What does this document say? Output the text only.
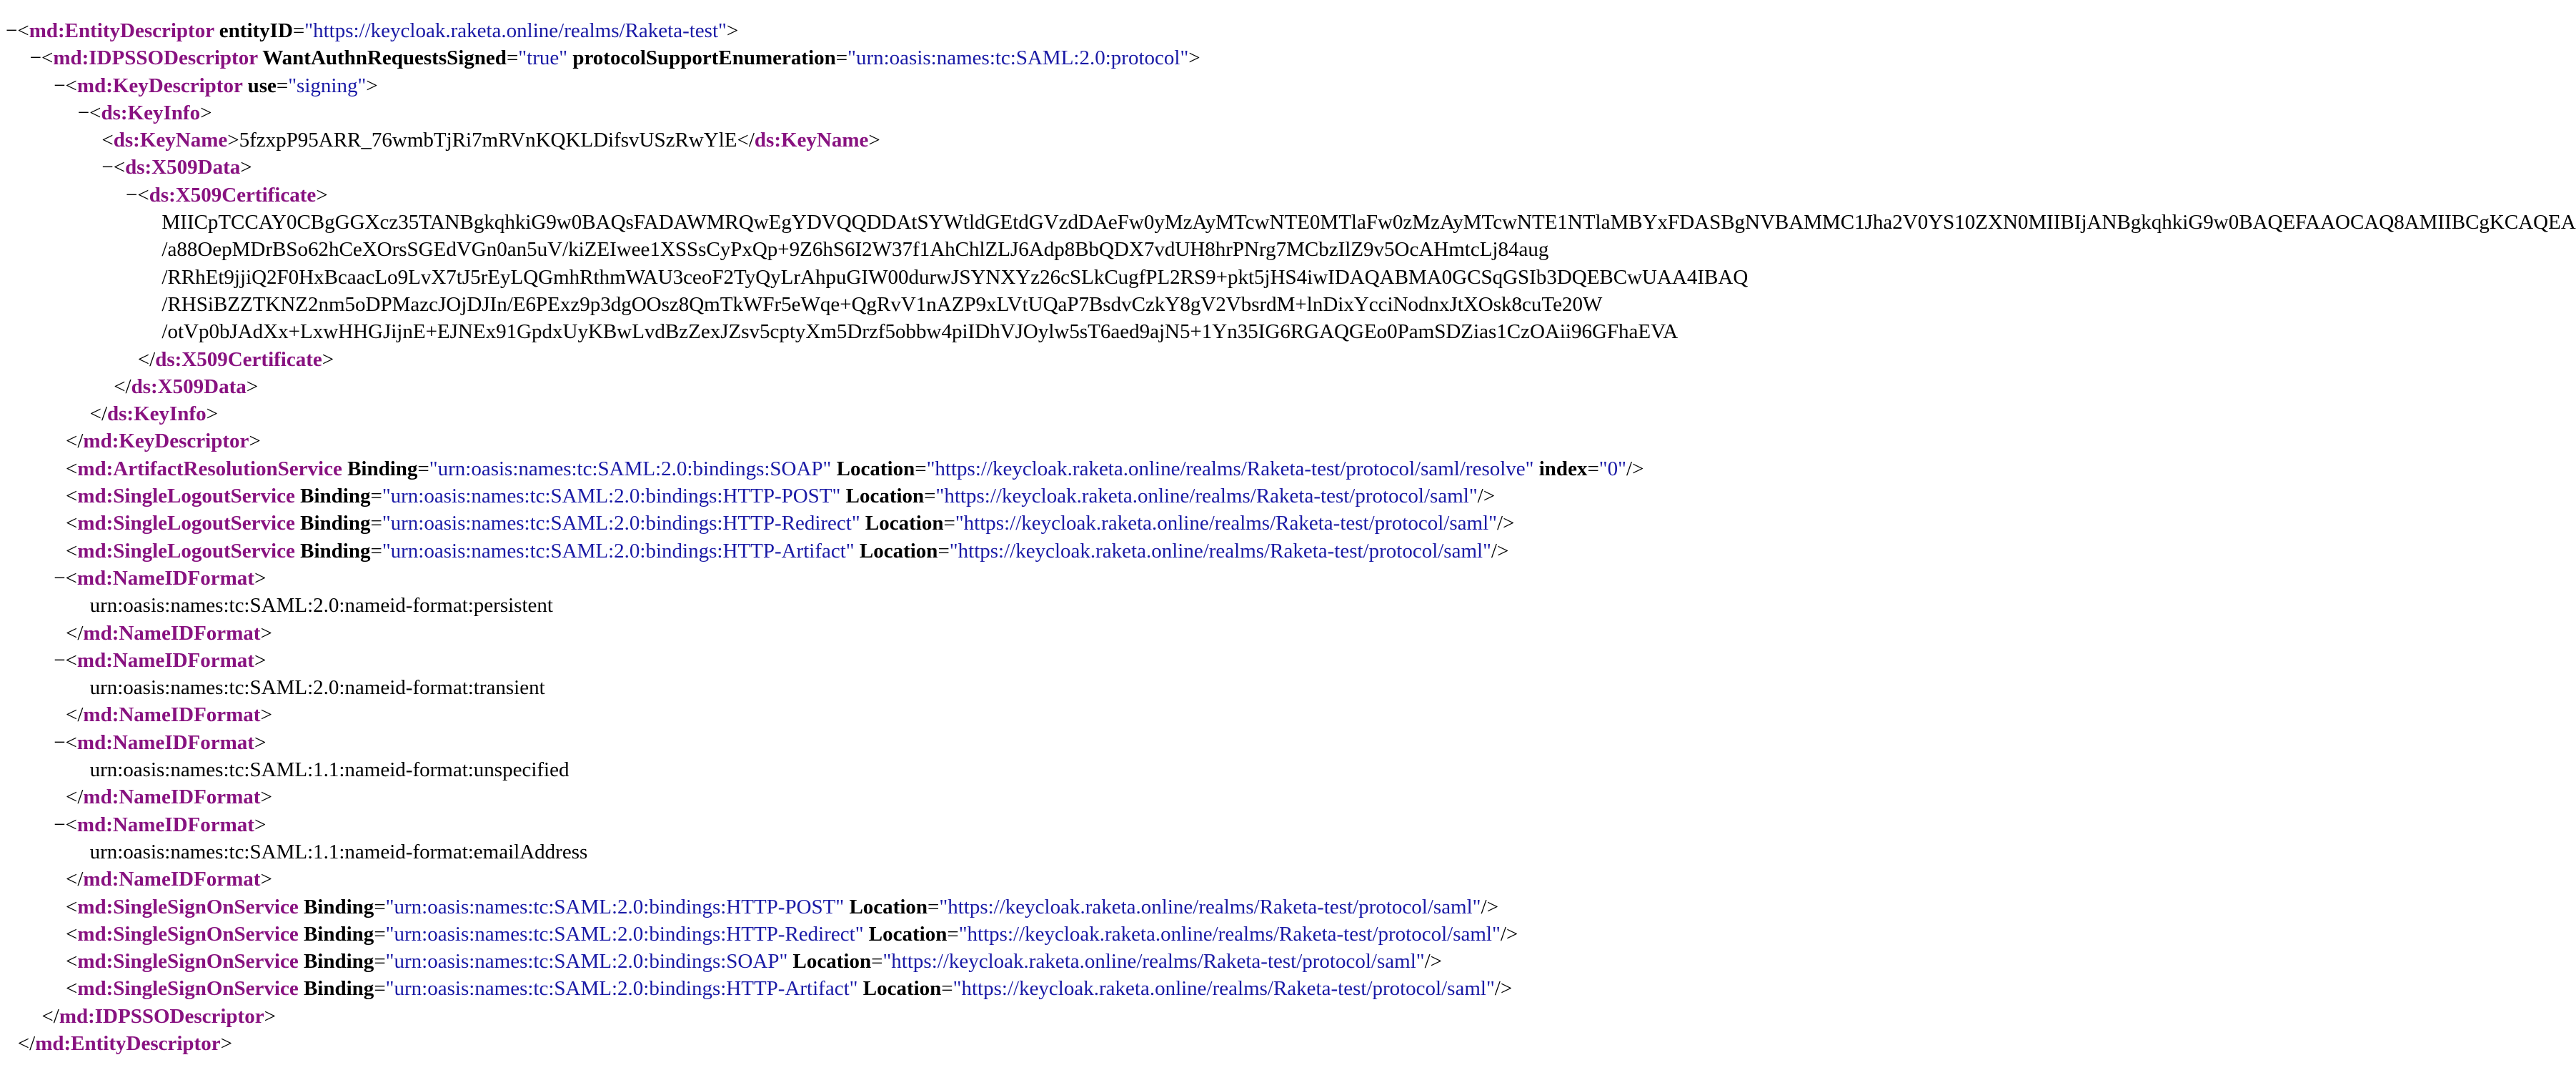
−<md:EntityDescriptor entityID="https://keycloak.raketa.online/realms/Raketa-test">
−<md:IDPSSODescriptor WantAuthnRequestsSigned="true" protocolSupportEnumeration="urn:oasis:names:tc:SAML:2.0:protocol">
−<md:KeyDescriptor use="signing">
−<ds:KeyInfo>
<ds:KeyName>5fzxpP95ARR_76wmbTjRi7mRVnKQKLDifsvUSzRwYlE</ds:KeyName>
−<ds:X509Data>
−<ds:X509Certificate>
MIICpTCCAY0CBgGGXcz35TANBgkqhkiG9w0BAQsFADAWMRQwEgYDVQQDDAtSYWtldGEtdGVzdDAeFw0yMzAyMTcwNTE0MTlaFw0zMzAyMTcwNTE1NTlaMBYxFDASBgNVBAMMC1Jha2V0YS10ZXN0MIIBIjANBgkqhkiG9w0BAQEFAAOCAQ8AMIIBCgKCAQEA
/a88OepMDrBSo62hCeXOrsSGEdVGn0an5uV/kiZEIwee1XSSsCyPxQp+9Z6hS6I2W37f1AhChlZLJ6Adp8BbQDX7vdUH8hrPNrg7MCbzIlZ9v5OcAHmtcLj84aug
/RRhEt9jjiQ2F0HxBcaacLo9LvX7tJ5rEyLQGmhRthmWAU3ceoF2TyQyLrAhpuGIW00durwJSYNXYz26cSLkCugfPL2RS9+pkt5jHS4iwIDAQABMA0GCSqGSIb3DQEBCwUAA4IBAQ
/RHSiBZZTKNZ2nm5oDPMazcJOjDJIn/E6PExz9p3dgOOsz8QmTkWFr5eWqe+QgRvV1nAZP9xLVtUQaP7BsdvCzkY8gV2VbsrdM+lnDixYcciNodnxJtXOsk8cuTe20W
/otVp0bJAdXx+LxwHHGJijnE+EJNEx91GpdxUyKBwLvdBzZexJZsv5cptyXm5Drzf5obbw4piIDhVJOylw5sT6aed9ajN5+1Yn35IG6RGAQGEo0PamSDZias1CzOAii96GFhaEVA
</ds:X509Certificate>
</ds:X509Data>
</ds:KeyInfo>
</md:KeyDescriptor>
<md:ArtifactResolutionService Binding="urn:oasis:names:tc:SAML:2.0:bindings:SOAP" Location="https://keycloak.raketa.online/realms/Raketa-test/protocol/saml/resolve" index="0"/>
<md:SingleLogoutService Binding="urn:oasis:names:tc:SAML:2.0:bindings:HTTP-POST" Location="https://keycloak.raketa.online/realms/Raketa-test/protocol/saml"/>
<md:SingleLogoutService Binding="urn:oasis:names:tc:SAML:2.0:bindings:HTTP-Redirect" Location="https://keycloak.raketa.online/realms/Raketa-test/protocol/saml"/>
<md:SingleLogoutService Binding="urn:oasis:names:tc:SAML:2.0:bindings:HTTP-Artifact" Location="https://keycloak.raketa.online/realms/Raketa-test/protocol/saml"/>
−<md:NameIDFormat>
urn:oasis:names:tc:SAML:2.0:nameid-format:persistent
</md:NameIDFormat>
−<md:NameIDFormat>
urn:oasis:names:tc:SAML:2.0:nameid-format:transient
</md:NameIDFormat>
−<md:NameIDFormat>
urn:oasis:names:tc:SAML:1.1:nameid-format:unspecified
</md:NameIDFormat>
−<md:NameIDFormat>
urn:oasis:names:tc:SAML:1.1:nameid-format:emailAddress
</md:NameIDFormat>
<md:SingleSignOnService Binding="urn:oasis:names:tc:SAML:2.0:bindings:HTTP-POST" Location="https://keycloak.raketa.online/realms/Raketa-test/protocol/saml"/>
<md:SingleSignOnService Binding="urn:oasis:names:tc:SAML:2.0:bindings:HTTP-Redirect" Location="https://keycloak.raketa.online/realms/Raketa-test/protocol/saml"/>
<md:SingleSignOnService Binding="urn:oasis:names:tc:SAML:2.0:bindings:SOAP" Location="https://keycloak.raketa.online/realms/Raketa-test/protocol/saml"/>
<md:SingleSignOnService Binding="urn:oasis:names:tc:SAML:2.0:bindings:HTTP-Artifact" Location="https://keycloak.raketa.online/realms/Raketa-test/protocol/saml"/>
</md:IDPSSODescriptor>
</md:EntityDescriptor>
